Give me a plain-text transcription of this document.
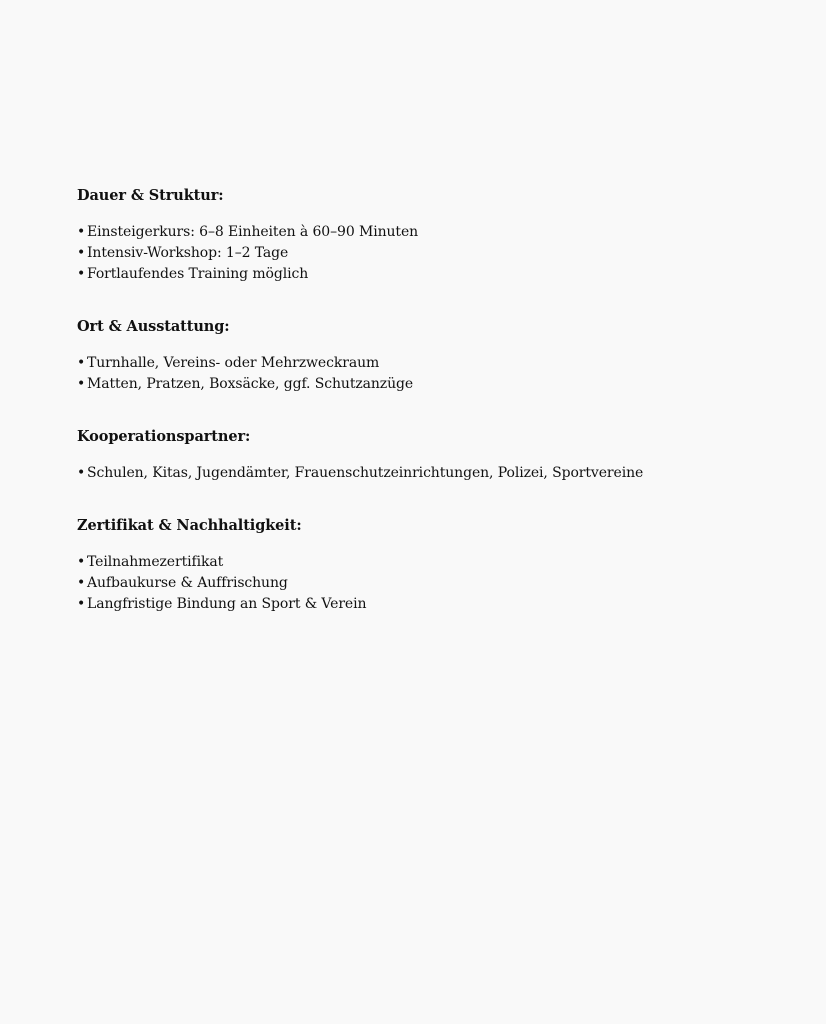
Dauer & Struktur:
• Einsteigerkurs: 6–8 Einheiten à 60–90 Minuten
• Intensiv-Workshop: 1–2 Tage
• Fortlaufendes Training möglich
Ort & Ausstattung:
• Turnhalle, Vereins- oder Mehrzweckraum
• Matten, Pratzen, Boxsäcke, ggf. Schutzanzüge
Kooperationspartner:
• Schulen, Kitas, Jugendämter, Frauenschutzeinrichtungen, Polizei, Sportvereine
Zertifikat & Nachhaltigkeit:
• Teilnahmezertifikat
• Aufbaukurse & Auffrischung
• Langfristige Bindung an Sport & Verein
